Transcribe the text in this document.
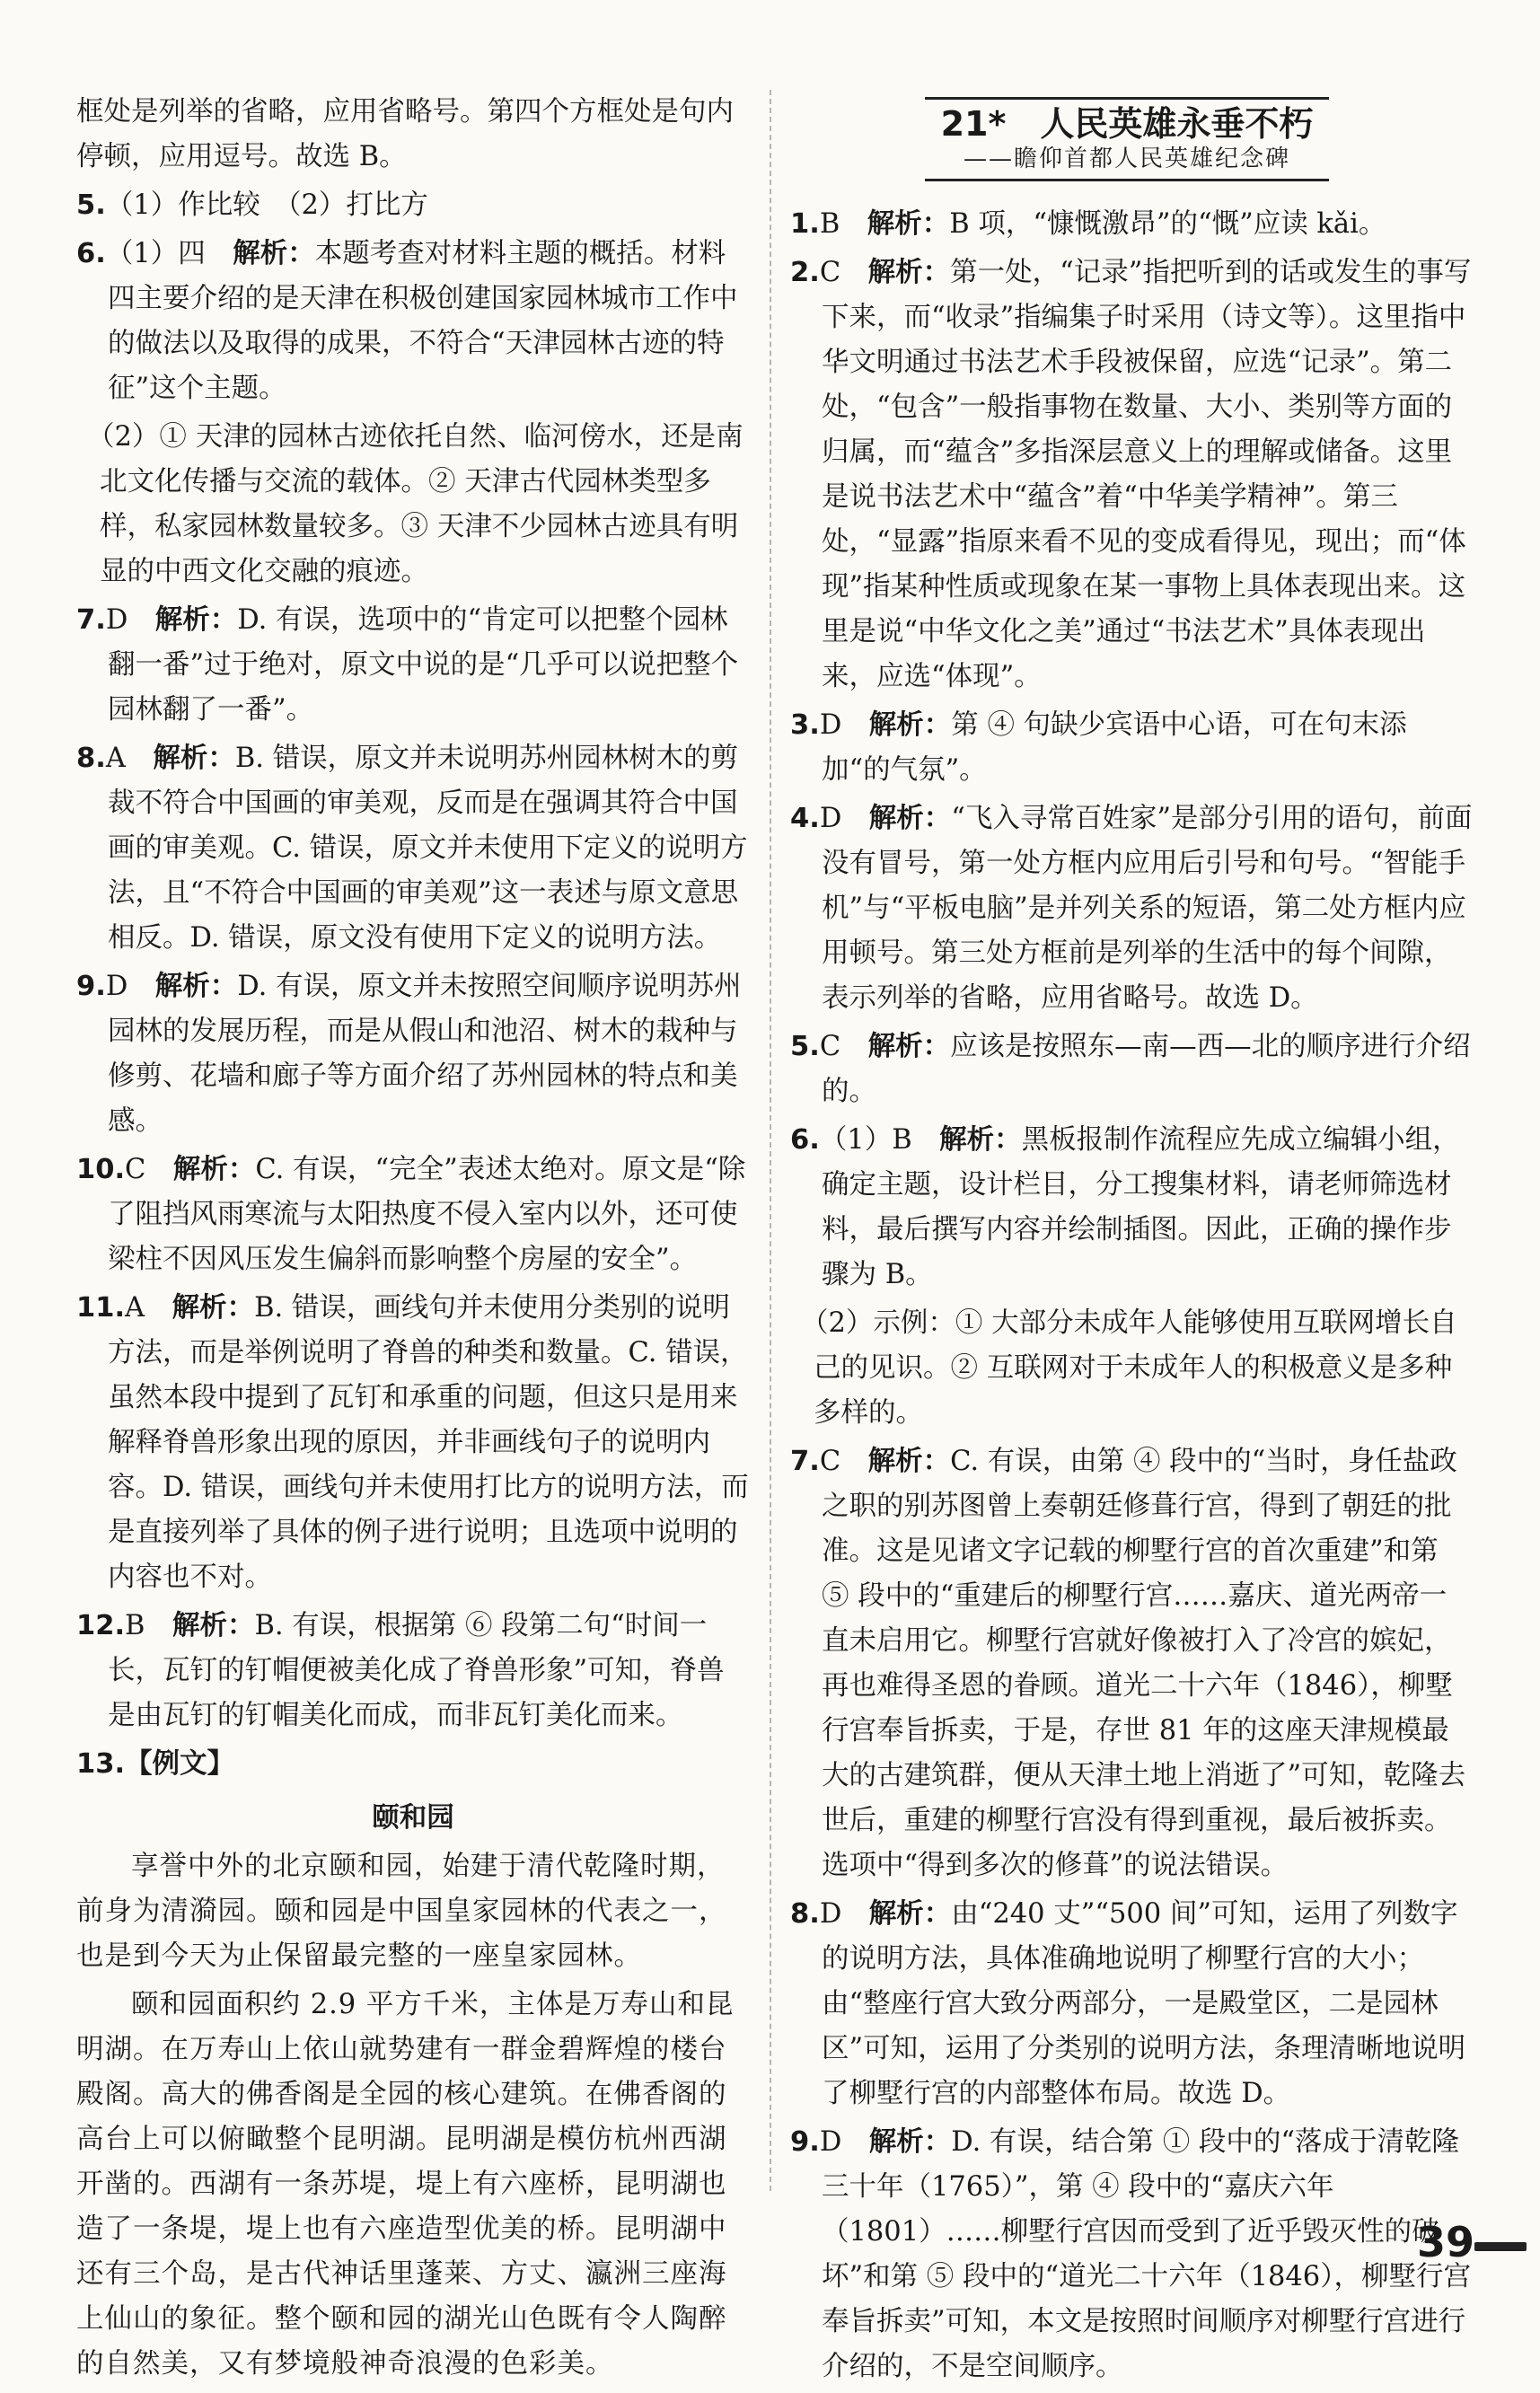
框处是列举的省略，应用省略号。第四个方框处是句内停顿，应用逗号。故选 B。
5.（1）作比较　（2）打比方
6.（1）四　解析：本题考查对材料主题的概括。材料四主要介绍的是天津在积极创建国家园林城市工作中的做法以及取得的成果，不符合“天津园林古迹的特征”这个主题。
（2）① 天津的园林古迹依托自然、临河傍水，还是南北文化传播与交流的载体。② 天津古代园林类型多样，私家园林数量较多。③ 天津不少园林古迹具有明显的中西文化交融的痕迹。
7.D　解析：D. 有误，选项中的“肯定可以把整个园林翻一番”过于绝对，原文中说的是“几乎可以说把整个园林翻了一番”。
8.A　解析：B. 错误，原文并未说明苏州园林树木的剪裁不符合中国画的审美观，反而是在强调其符合中国画的审美观。C. 错误，原文并未使用下定义的说明方法，且“不符合中国画的审美观”这一表述与原文意思相反。D. 错误，原文没有使用下定义的说明方法。
9.D　解析：D. 有误，原文并未按照空间顺序说明苏州园林的发展历程，而是从假山和池沼、树木的栽种与修剪、花墙和廊子等方面介绍了苏州园林的特点和美感。
10.C　解析：C. 有误，“完全”表述太绝对。原文是“除了阻挡风雨寒流与太阳热度不侵入室内以外，还可使梁柱不因风压发生偏斜而影响整个房屋的安全”。
11.A　解析：B. 错误，画线句并未使用分类别的说明方法，而是举例说明了脊兽的种类和数量。C. 错误，虽然本段中提到了瓦钉和承重的问题，但这只是用来解释脊兽形象出现的原因，并非画线句子的说明内容。D. 错误，画线句并未使用打比方的说明方法，而是直接列举了具体的例子进行说明；且选项中说明的内容也不对。
12.B　解析：B. 有误，根据第 ⑥ 段第二句“时间一长，瓦钉的钉帽便被美化成了脊兽形象”可知，脊兽是由瓦钉的钉帽美化而成，而非瓦钉美化而来。
13.【例文】
颐和园
享誉中外的北京颐和园，始建于清代乾隆时期，前身为清漪园。颐和园是中国皇家园林的代表之一，也是到今天为止保留最完整的一座皇家园林。
颐和园面积约 2.9 平方千米，主体是万寿山和昆明湖。在万寿山上依山就势建有一群金碧辉煌的楼台殿阁。高大的佛香阁是全园的核心建筑。在佛香阁的高台上可以俯瞰整个昆明湖。昆明湖是模仿杭州西湖开凿的。西湖有一条苏堤，堤上有六座桥，昆明湖也造了一条堤，堤上也有六座造型优美的桥。昆明湖中还有三个岛，是古代神话里蓬莱、方丈、瀛洲三座海上仙山的象征。整个颐和园的湖光山色既有令人陶醉的自然美，又有梦境般神奇浪漫的色彩美。
21*　人民英雄永垂不朽
——瞻仰首都人民英雄纪念碑
1.B　解析：B 项，“慷慨激昂”的“慨”应读 kǎi。
2.C　解析：第一处，“记录”指把听到的话或发生的事写下来，而“收录”指编集子时采用（诗文等）。这里指中华文明通过书法艺术手段被保留，应选“记录”。第二处，“包含”一般指事物在数量、大小、类别等方面的归属，而“蕴含”多指深层意义上的理解或储备。这里是说书法艺术中“蕴含”着“中华美学精神”。第三处，“显露”指原来看不见的变成看得见，现出；而“体现”指某种性质或现象在某一事物上具体表现出来。这里是说“中华文化之美”通过“书法艺术”具体表现出来，应选“体现”。
3.D　解析：第 ④ 句缺少宾语中心语，可在句末添加“的气氛”。
4.D　解析：“飞入寻常百姓家”是部分引用的语句，前面没有冒号，第一处方框内应用后引号和句号。“智能手机”与“平板电脑”是并列关系的短语，第二处方框内应用顿号。第三处方框前是列举的生活中的每个间隙，表示列举的省略，应用省略号。故选 D。
5.C　解析：应该是按照东—南—西—北的顺序进行介绍的。
6.（1）B　解析：黑板报制作流程应先成立编辑小组，确定主题，设计栏目，分工搜集材料，请老师筛选材料，最后撰写内容并绘制插图。因此，正确的操作步骤为 B。
（2）示例：① 大部分未成年人能够使用互联网增长自己的见识。② 互联网对于未成年人的积极意义是多种多样的。
7.C　解析：C. 有误，由第 ④ 段中的“当时，身任盐政之职的别苏图曾上奏朝廷修葺行宫，得到了朝廷的批准。这是见诸文字记载的柳墅行宫的首次重建”和第 ⑤ 段中的“重建后的柳墅行宫……嘉庆、道光两帝一直未启用它。柳墅行宫就好像被打入了冷宫的嫔妃，再也难得圣恩的眷顾。道光二十六年（1846），柳墅行宫奉旨拆卖，于是，存世 81 年的这座天津规模最大的古建筑群，便从天津土地上消逝了”可知，乾隆去世后，重建的柳墅行宫没有得到重视，最后被拆卖。选项中“得到多次的修葺”的说法错误。
8.D　解析：由“240 丈”“500 间”可知，运用了列数字的说明方法，具体准确地说明了柳墅行宫的大小；由“整座行宫大致分两部分，一是殿堂区，二是园林区”可知，运用了分类别的说明方法，条理清晰地说明了柳墅行宫的内部整体布局。故选 D。
9.D　解析：D. 有误，结合第 ① 段中的“落成于清乾隆三十年（1765）”，第 ④ 段中的“嘉庆六年（1801）……柳墅行宫因而受到了近乎毁灭性的破坏”和第 ⑤ 段中的“道光二十六年（1846），柳墅行宫奉旨拆卖”可知，本文是按照时间顺序对柳墅行宫进行介绍的，不是空间顺序。
39
